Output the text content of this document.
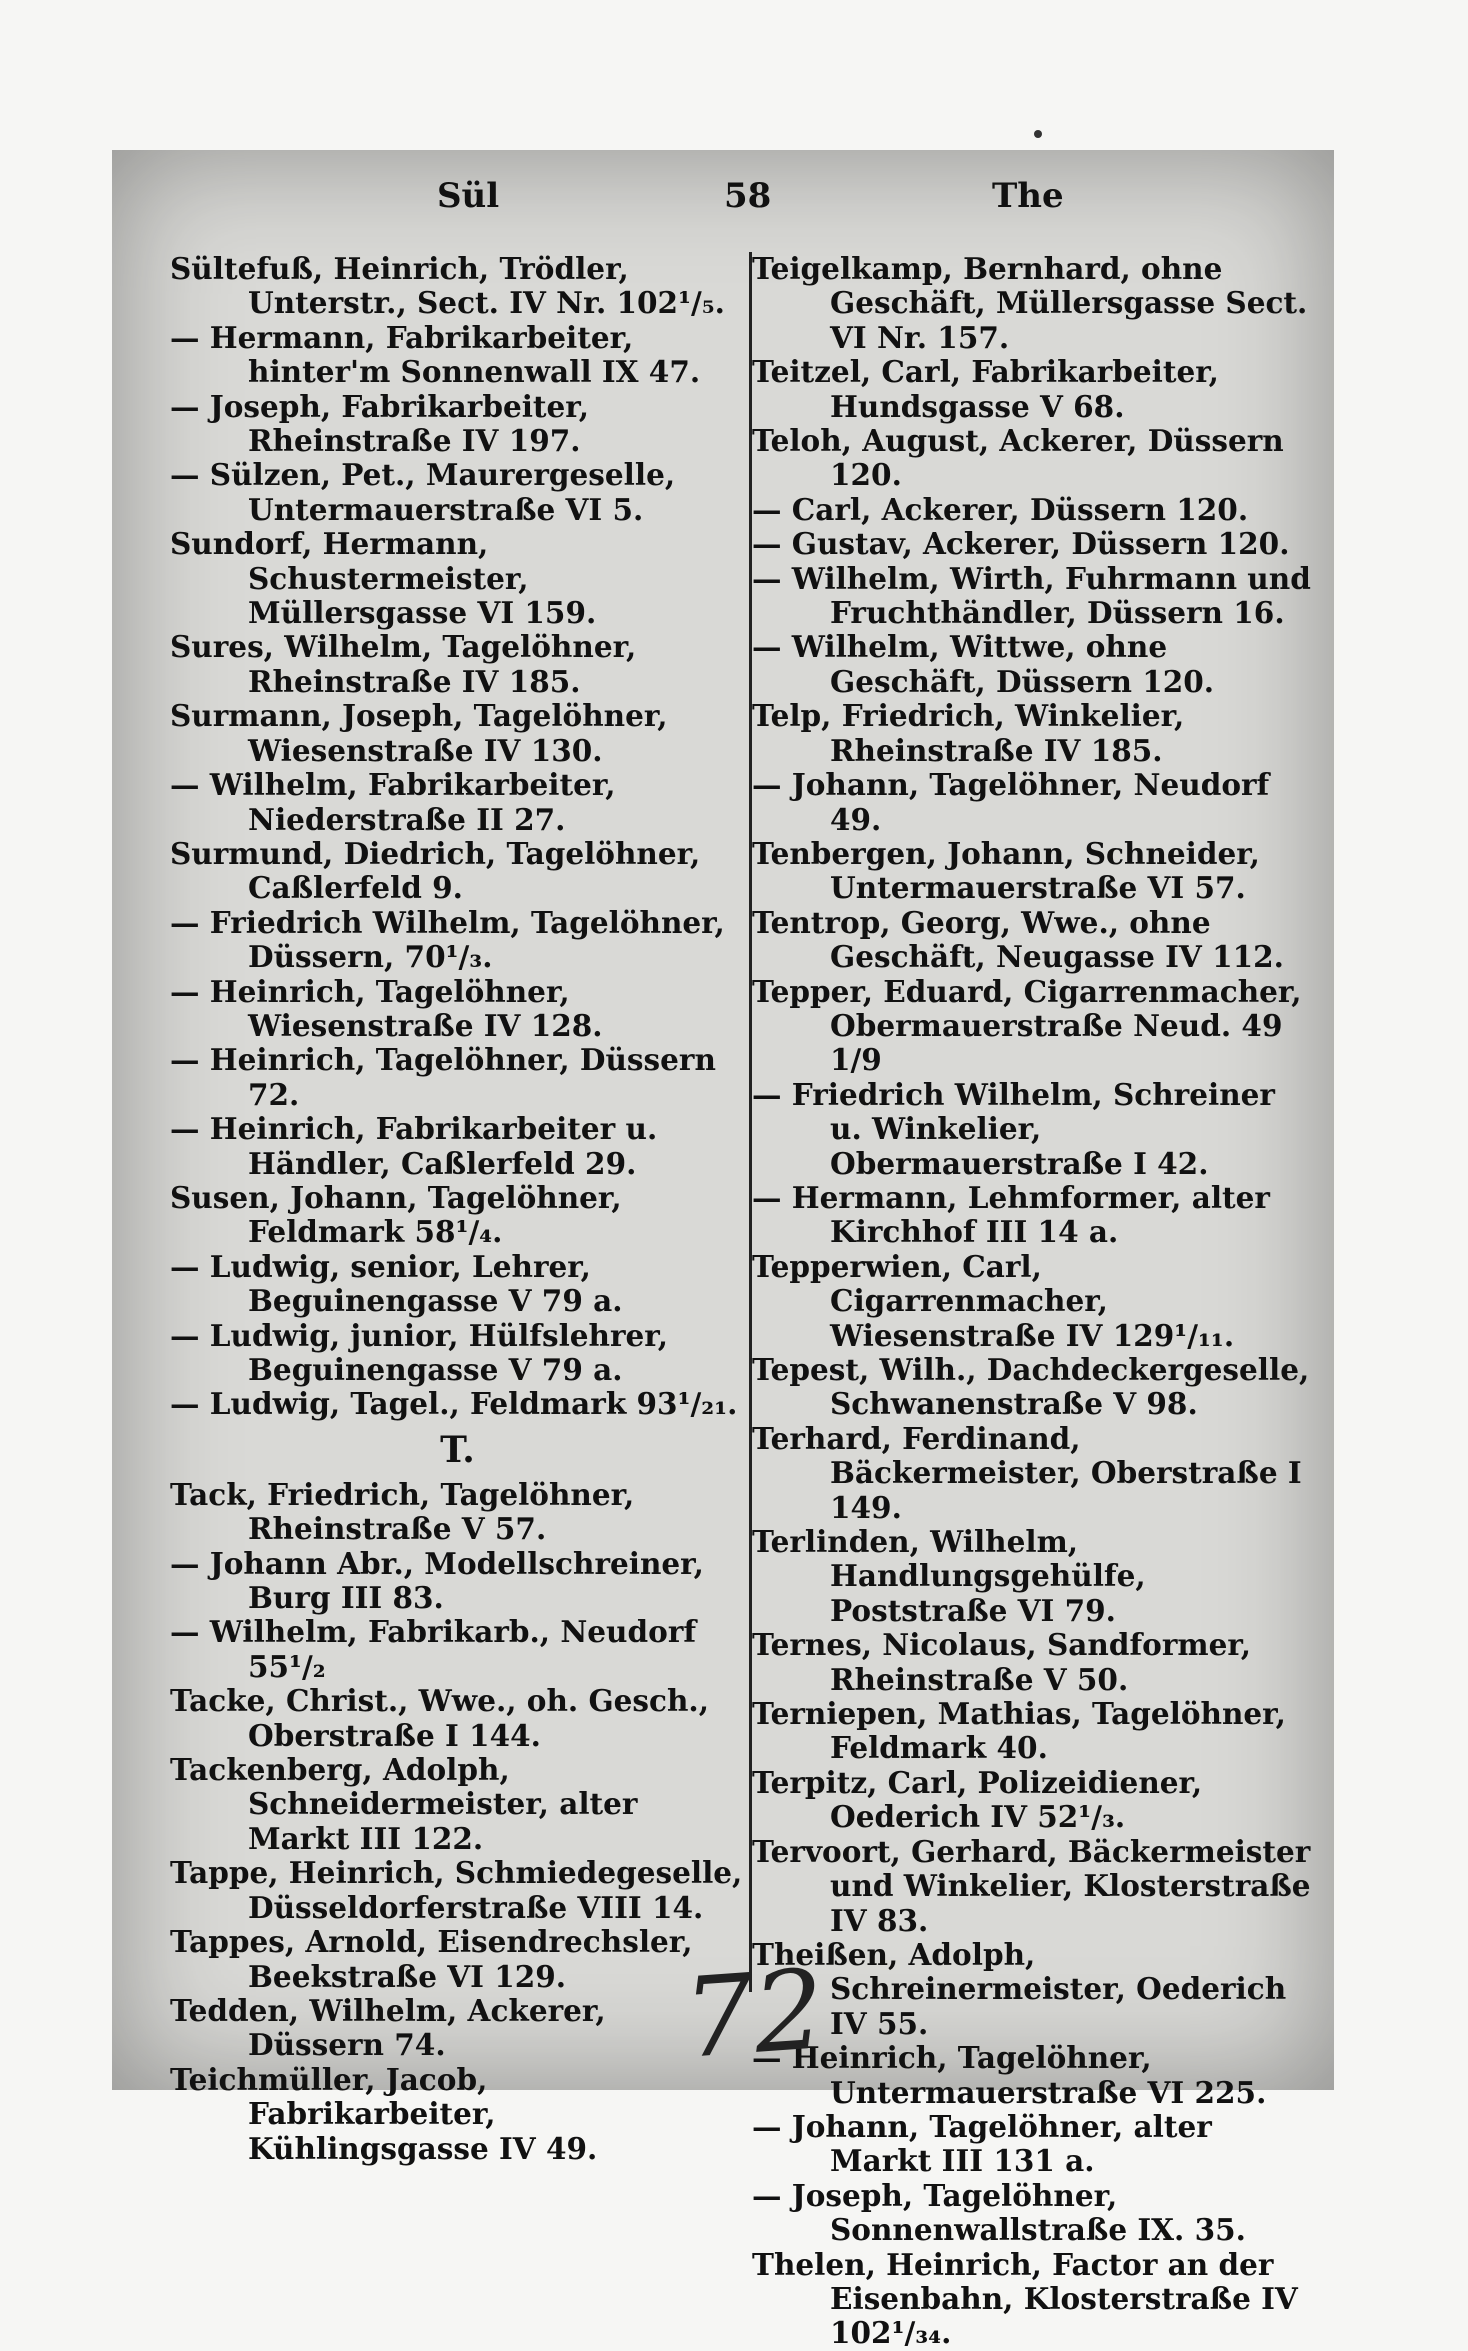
Sül	58	The
Sültefuß, Heinrich, Trödler, Unterstr., Sect. IV Nr. 102¹/₅.
— Hermann, Fabrikarbeiter, hinter'm Sonnenwall IX 47.
— Joseph, Fabrikarbeiter, Rheinstraße IV 197.
— Sülzen, Pet., Maurergeselle, Untermauerstraße VI 5.
Sundorf, Hermann, Schustermeister, Müllersgasse VI 159.
Sures, Wilhelm, Tagelöhner, Rheinstraße IV 185.
Surmann, Joseph, Tagelöhner, Wiesenstraße IV 130.
— Wilhelm, Fabrikarbeiter, Niederstraße II 27.
Surmund, Diedrich, Tagelöhner, Caßlerfeld 9.
— Friedrich Wilhelm, Tagelöhner, Düssern, 70¹/₃.
— Heinrich, Tagelöhner, Wiesenstraße IV 128.
— Heinrich, Tagelöhner, Düssern 72.
— Heinrich, Fabrikarbeiter u. Händler, Caßlerfeld 29.
Susen, Johann, Tagelöhner, Feldmark 58¹/₄.
— Ludwig, senior, Lehrer, Beguinengasse V 79 a.
— Ludwig, junior, Hülfslehrer, Beguinengasse V 79 a.
— Ludwig, Tagel., Feldmark 93¹/₂₁.
T.
Tack, Friedrich, Tagelöhner, Rheinstraße V 57.
— Johann Abr., Modellschreiner, Burg III 83.
— Wilhelm, Fabrikarb., Neudorf 55¹/₂
Tacke, Christ., Wwe., oh. Gesch., Oberstraße I 144.
Tackenberg, Adolph, Schneidermeister, alter Markt III 122.
Tappe, Heinrich, Schmiedegeselle, Düsseldorferstraße VIII 14.
Tappes, Arnold, Eisendrechsler, Beekstraße VI 129.
Tedden, Wilhelm, Ackerer, Düssern 74.
Teichmüller, Jacob, Fabrikarbeiter, Kühlingsgasse IV 49.
Teigelkamp, Bernhard, ohne Geschäft, Müllersgasse Sect. VI Nr. 157.
Teitzel, Carl, Fabrikarbeiter, Hundsgasse V 68.
Teloh, August, Ackerer, Düssern 120.
— Carl, Ackerer, Düssern 120.
— Gustav, Ackerer, Düssern 120.
— Wilhelm, Wirth, Fuhrmann und Fruchthändler, Düssern 16.
— Wilhelm, Wittwe, ohne Geschäft, Düssern 120.
Telp, Friedrich, Winkelier, Rheinstraße IV 185.
— Johann, Tagelöhner, Neudorf 49.
Tenbergen, Johann, Schneider, Untermauerstraße VI 57.
Tentrop, Georg, Wwe., ohne Geschäft, Neugasse IV 112.
Tepper, Eduard, Cigarrenmacher, Obermauerstraße Neud. 49 1/9
— Friedrich Wilhelm, Schreiner u. Winkelier, Obermauerstraße I 42.
— Hermann, Lehmformer, alter Kirchhof III 14 a.
Tepperwien, Carl, Cigarrenmacher, Wiesenstraße IV 129¹/₁₁.
Tepest, Wilh., Dachdeckergeselle, Schwanenstraße V 98.
Terhard, Ferdinand, Bäckermeister, Oberstraße I 149.
Terlinden, Wilhelm, Handlungsgehülfe, Poststraße VI 79.
Ternes, Nicolaus, Sandformer, Rheinstraße V 50.
Terniepen, Mathias, Tagelöhner, Feldmark 40.
Terpitz, Carl, Polizeidiener, Oederich IV 52¹/₃.
Tervoort, Gerhard, Bäckermeister und Winkelier, Klosterstraße IV 83.
Theißen, Adolph, Schreinermeister, Oederich IV 55.
— Heinrich, Tagelöhner, Untermauerstraße VI 225.
— Johann, Tagelöhner, alter Markt III 131 a.
— Joseph, Tagelöhner, Sonnenwallstraße IX. 35.
Thelen, Heinrich, Factor an der Eisenbahn, Klosterstraße IV 102¹/₃₄.
72
